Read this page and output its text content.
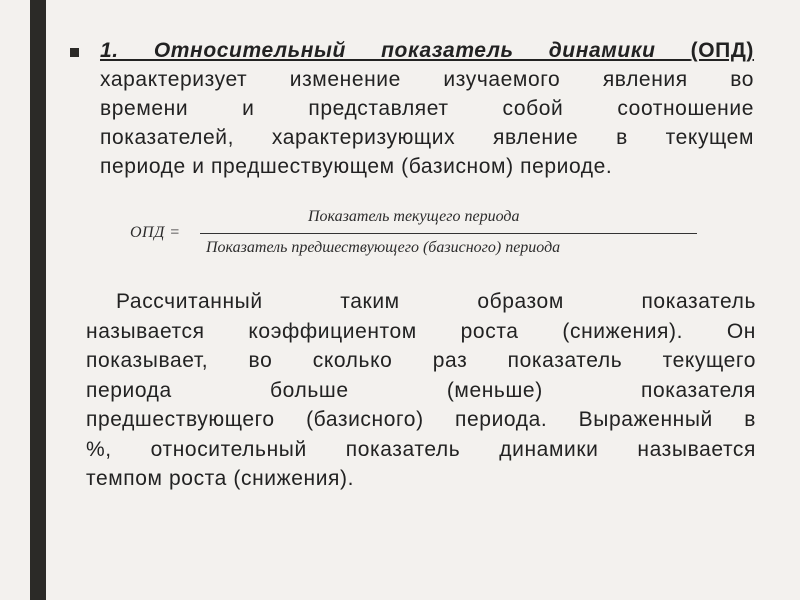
1. Относительный показатель динамики (ОПД)
характеризует изменение изучаемого явления во
времени и представляет собой соотношение
показателей, характеризующих явление в текущем
периоде и предшествующем (базисном) периоде.
ОПД =
Показатель текущего периода
Показатель предшествующего (базисного) периода
Рассчитанный таким образом показатель
называется коэффициентом роста (снижения). Он
показывает, во сколько раз показатель текущего
периода больше (меньше) показателя
предшествующего (базисного) периода. Выраженный в
%, относительный показатель динамики называется
темпом роста (снижения).
